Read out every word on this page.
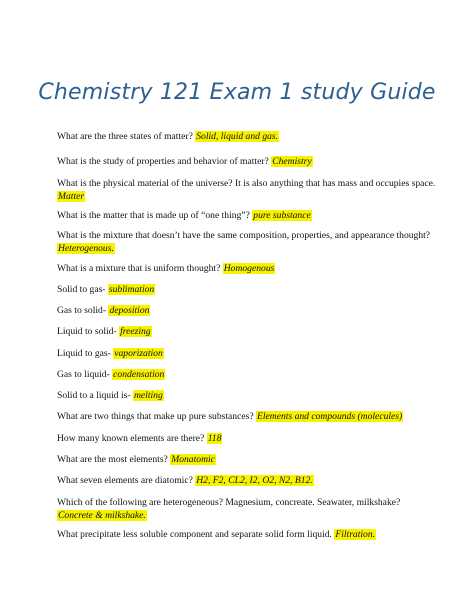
Chemistry 121 Exam 1 study Guide

What are the three states of matter? Solid, liquid and gas.

What is the study of properties and behavior of matter? Chemistry

What is the physical material of the universe? It is also anything that has mass and occupies space. Matter

What is the matter that is made up of “one thing”? pure substance

What is the mixture that doesn’t have the same composition, properties, and appearance thought? Heterogenous.

What is a mixture that is uniform thought? Homogenous

Solid to gas- sublimation

Gas to solid- deposition

Liquid to solid- freezing

Liquid to gas- vaporization

Gas to liquid- condensation

Solid to a liquid is- melting

What are two things that make up pure substances? Elements and compounds (molecules)

How many known elements are there? 118

What are the most elements? Monatomic

What seven elements are diatomic? H2, F2, CL2, I2, O2, N2, B12.

Which of the following are heterogeneous? Magnesium, concreate. Seawater, milkshake? Concrete & milkshake.

What precipitate less soluble component and separate solid form liquid. Filtration.
